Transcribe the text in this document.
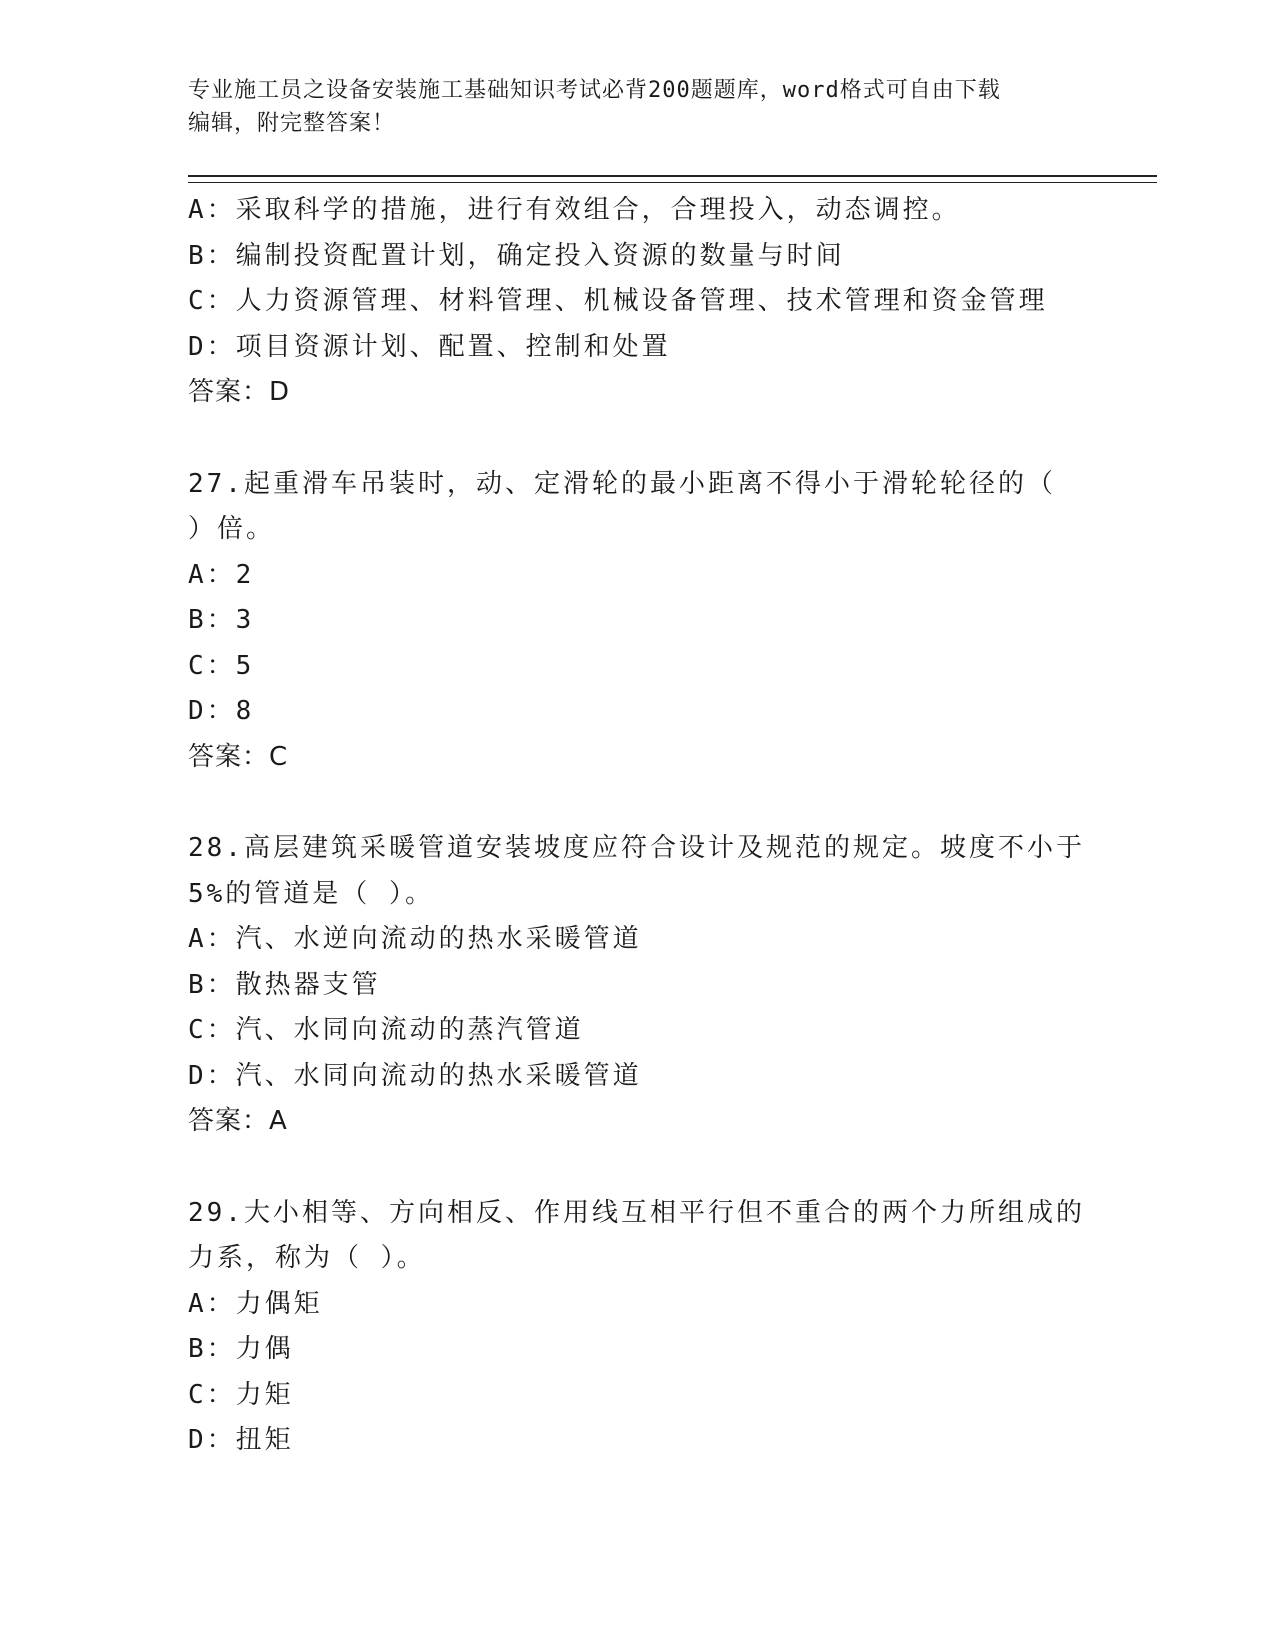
专业施工员之设备安装施工基础知识考试必背200题题库，word格式可自由下载
编辑，附完整答案！
A：采取科学的措施，进行有效组合，合理投入，动态调控。
B：编制投资配置计划，确定投入资源的数量与时间
C：人力资源管理、材料管理、机械设备管理、技术管理和资金管理
D：项目资源计划、配置、控制和处置
答案：D
27.起重滑车吊装时，动、定滑轮的最小距离不得小于滑轮轮径的（
）倍。
A：2
B：3
C：5
D：8
答案：C
28.高层建筑采暖管道安装坡度应符合设计及规范的规定。坡度不小于
5%的管道是（ ）。
A：汽、水逆向流动的热水采暖管道
B：散热器支管
C：汽、水同向流动的蒸汽管道
D：汽、水同向流动的热水采暖管道
答案：A
29.大小相等、方向相反、作用线互相平行但不重合的两个力所组成的
力系，称为（ ）。
A：力偶矩
B：力偶
C：力矩
D：扭矩
